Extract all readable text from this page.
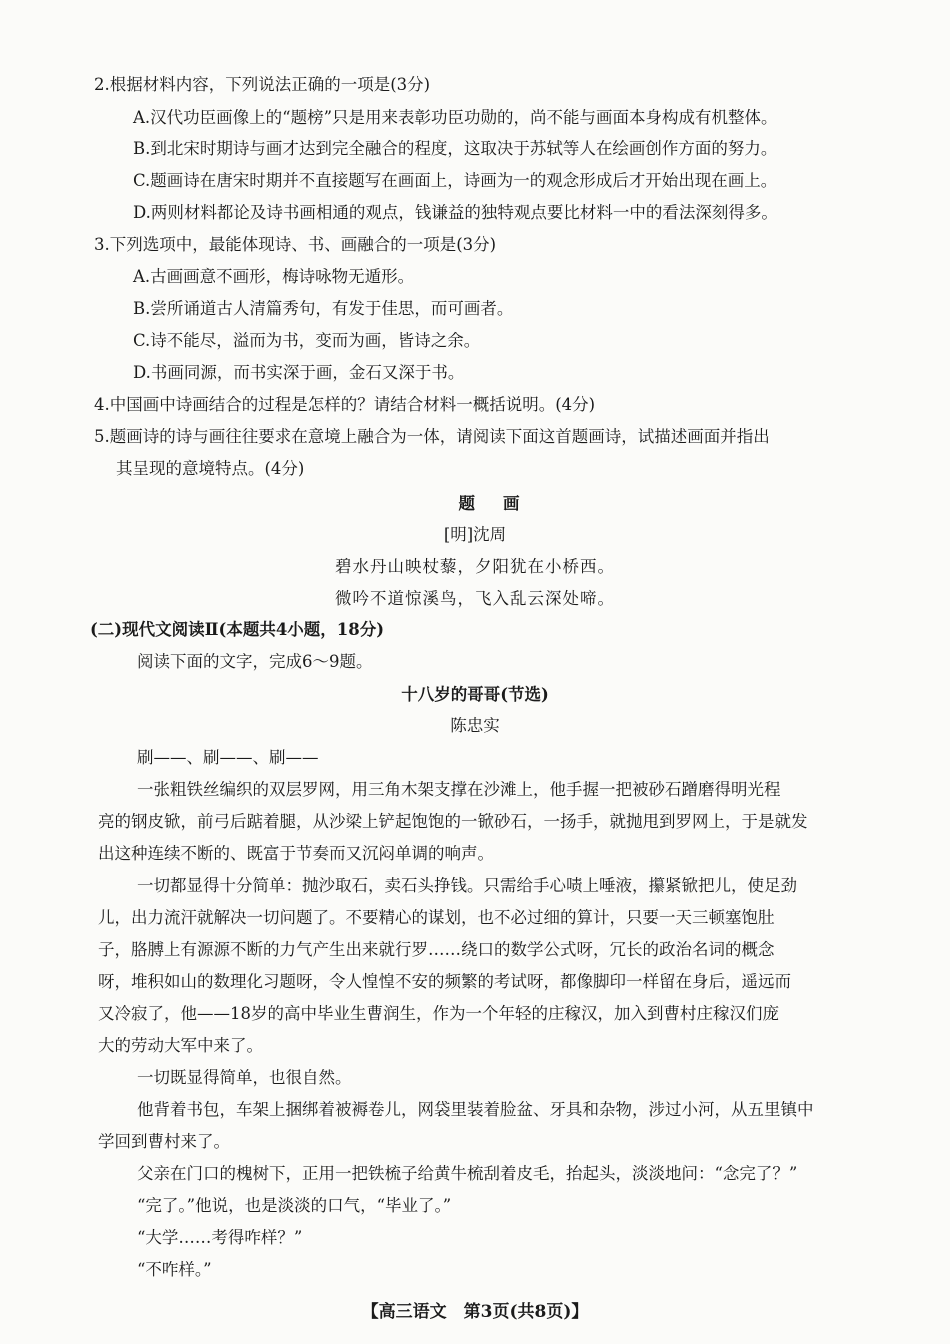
2.根据材料内容，下列说法正确的一项是(3分)
A.汉代功臣画像上的“题榜”只是用来表彰功臣功勋的，尚不能与画面本身构成有机整体。
B.到北宋时期诗与画才达到完全融合的程度，这取决于苏轼等人在绘画创作方面的努力。
C.题画诗在唐宋时期并不直接题写在画面上，诗画为一的观念形成后才开始出现在画上。
D.两则材料都论及诗书画相通的观点，钱谦益的独特观点要比材料一中的看法深刻得多。
3.下列选项中，最能体现诗、书、画融合的一项是(3分)
A.古画画意不画形，梅诗咏物无遁形。
B.尝所诵道古人清篇秀句，有发于佳思，而可画者。
C.诗不能尽，溢而为书，变而为画，皆诗之余。
D.书画同源，而书实深于画，金石又深于书。
4.中国画中诗画结合的过程是怎样的？请结合材料一概括说明。(4分)
5.题画诗的诗与画往往要求在意境上融合为一体，请阅读下面这首题画诗，试描述画面并指出
其呈现的意境特点。(4分)
题画
[明]沈周
碧水丹山映杖藜，夕阳犹在小桥西。
微吟不道惊溪鸟，飞入乱云深处啼。
(二)现代文阅读Ⅱ(本题共4小题，18分)
阅读下面的文字，完成6～9题。
十八岁的哥哥(节选)
陈忠实
刷——、刷——、刷——
一张粗铁丝编织的双层罗网，用三角木架支撑在沙滩上，他手握一把被砂石蹭磨得明光程
亮的钢皮锨，前弓后踮着腿，从沙梁上铲起饱饱的一锨砂石，一扬手，就抛甩到罗网上，于是就发
出这种连续不断的、既富于节奏而又沉闷单调的响声。
一切都显得十分简单：抛沙取石，卖石头挣钱。只需给手心啧上唾液，攥紧锨把儿，使足劲
儿，出力流汗就解决一切问题了。不要精心的谋划，也不必过细的算计，只要一天三顿塞饱肚
子，胳膊上有源源不断的力气产生出来就行罗……绕口的数学公式呀，冗长的政治名词的概念
呀，堆积如山的数理化习题呀，令人惶惶不安的频繁的考试呀，都像脚印一样留在身后，遥远而
又冷寂了，他——18岁的高中毕业生曹润生，作为一个年轻的庄稼汉，加入到曹村庄稼汉们庞
大的劳动大军中来了。
一切既显得简单，也很自然。
他背着书包，车架上捆绑着被褥卷儿，网袋里装着脸盆、牙具和杂物，涉过小河，从五里镇中
学回到曹村来了。
父亲在门口的槐树下，正用一把铁梳子给黄牛梳刮着皮毛，抬起头，淡淡地问：“念完了？”
“完了。”他说，也是淡淡的口气，“毕业了。”
“大学……考得咋样？”
“不咋样。”
【高三语文　第3页(共8页)】
